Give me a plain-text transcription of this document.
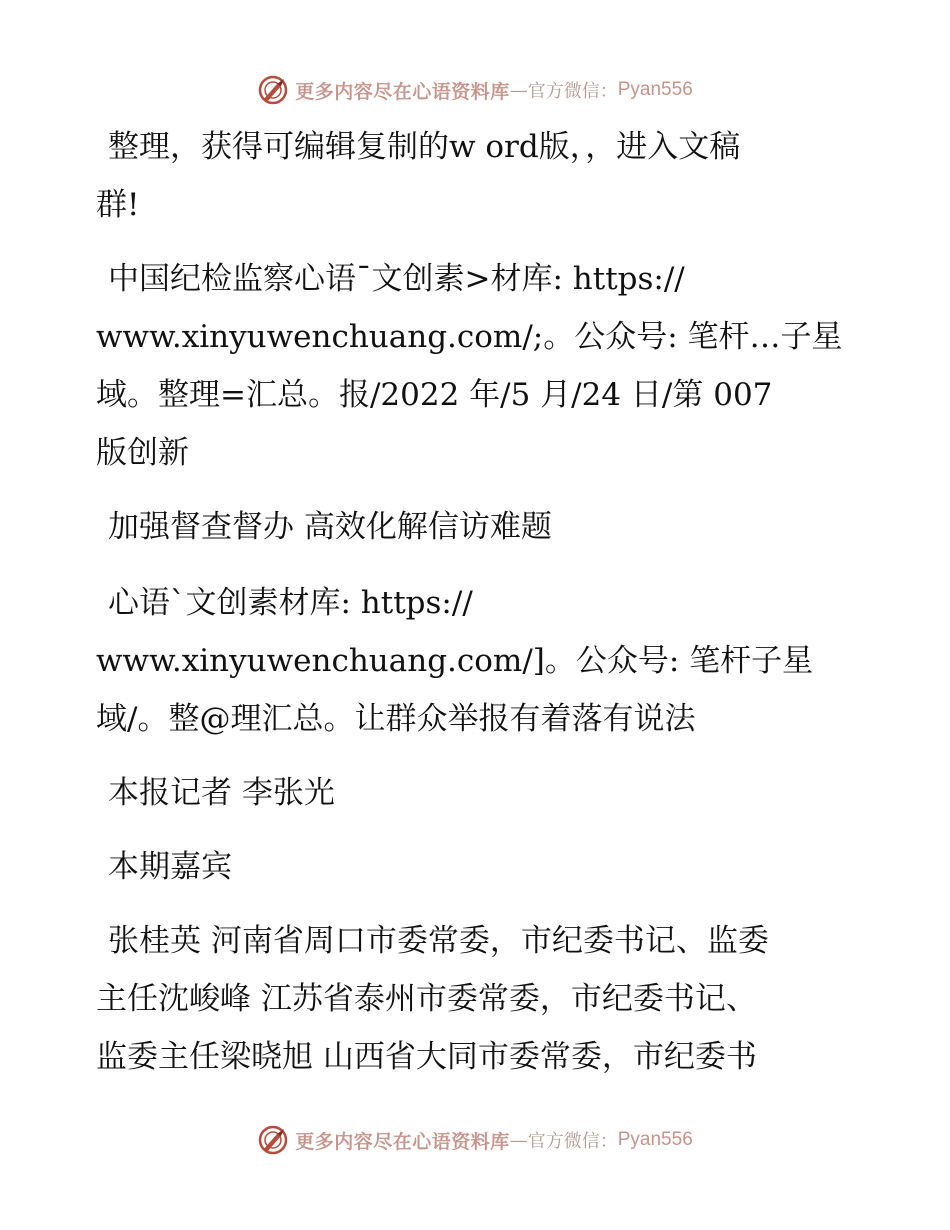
更多内容尽在心语资料库 — 官方微信： Pyan556
整理，获得可编辑复制的w ord版，，进入文稿
群!
中国纪检监察心语¯文创素>材库: https://
www.xinyuwenchuang.com/;。公众号: 笔杆…子星
域。整理=汇总。报/2022 年/5 月/24 日/第 007
版创新
加强督查督办 高效化解信访难题
心语`文创素材库: https://
www.xinyuwenchuang.com/]。公众号: 笔杆子星
域/。整@理汇总。让群众举报有着落有说法
本报记者 李张光
本期嘉宾
张桂英 河南省周口市委常委，市纪委书记、监委
主任沈峻峰 江苏省泰州市委常委，市纪委书记、
监委主任梁晓旭 山西省大同市委常委，市纪委书
更多内容尽在心语资料库 — 官方微信： Pyan556
